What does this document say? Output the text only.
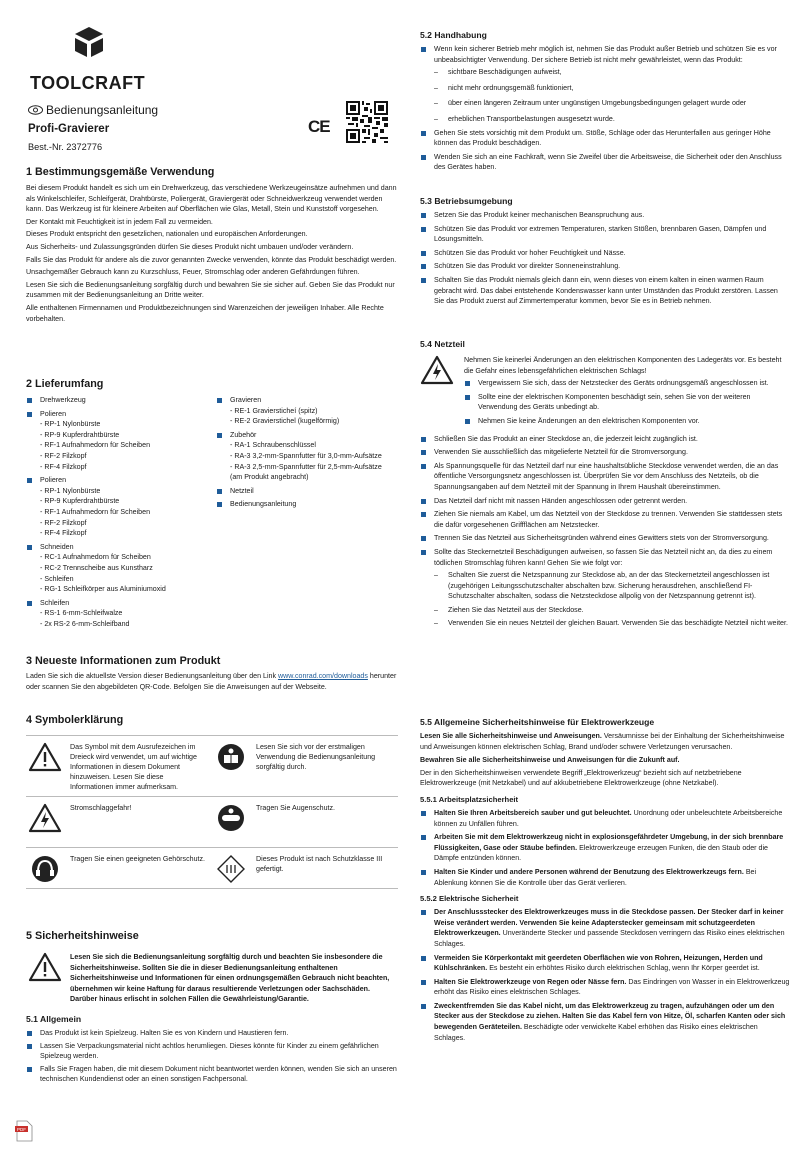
TOOLCRAFT
Bedienungsanleitung
Profi-Gravierer
Best.-Nr. 2372776
CE

1 Bestimmungsgemäße Verwendung

Bei diesem Produkt handelt es sich um ein Drehwerkzeug, das verschiedene Werkzeugeinsätze aufnehmen und dann als Winkelschleifer, Schleifgerät, Drahtbürste, Poliergerät, Graviergerät oder Schneidwerkzeug verwendet werden kann. Das Werkzeug ist für kleinere Arbeiten auf Oberflächen wie Glas, Metall, Stein und Kunststoff vorgesehen.

Der Kontakt mit Feuchtigkeit ist in jedem Fall zu vermeiden.

Dieses Produkt entspricht den gesetzlichen, nationalen und europäischen Anforderungen.

Aus Sicherheits- und Zulassungsgründen dürfen Sie dieses Produkt nicht umbauen und/oder verändern.

Falls Sie das Produkt für andere als die zuvor genannten Zwecke verwenden, könnte das Produkt beschädigt werden.

Unsachgemäßer Gebrauch kann zu Kurzschluss, Feuer, Stromschlag oder anderen Gefährdungen führen.

Lesen Sie sich die Bedienungsanleitung sorgfältig durch und bewahren Sie sie sicher auf. Geben Sie das Produkt nur zusammen mit der Bedienungsanleitung an Dritte weiter.

Alle enthaltenen Firmennamen und Produktbezeichnungen sind Warenzeichen der jeweiligen Inhaber. Alle Rechte vorbehalten.

2 Lieferumfang

Drehwerkzeug
Polieren
- RP-1 Nylonbürste
- RP-9 Kupferdrahtbürste
- RF-1 Aufnahmedorn für Scheiben
- RF-2 Filzkopf
- RF-4 Filzkopf
Polieren
- RP-1 Nylonbürste
- RP-9 Kupferdrahtbürste
- RF-1 Aufnahmedorn für Scheiben
- RF-2 Filzkopf
- RF-4 Filzkopf
Schneiden
- RC-1 Aufnahmedorn für Scheiben
- RC-2 Trennscheibe aus Kunstharz
- Schleifen
- RG-1 Schleifkörper aus Aluminiumoxid
Schleifen
- RS-1 6-mm-Schleifwalze
- 2x RS-2 6-mm-Schleifband
Gravieren
- RE-1 Graviersticheí (spitz)
- RE-2 Gravierstichel (kugelförmig)
Zubehör
- RA-1 Schraubenschlüssel
- RA-3 3,2-mm-Spannfutter für 3,0-mm-Aufsätze
- RA-3 2,5-mm-Spannfutter für 2,5-mm-Aufsätze
(am Produkt angebracht)
Netzteil
Bedienungsanleitung

3 Neueste Informationen zum Produkt

Laden Sie sich die aktuellste Version dieser Bedienungsanleitung über den Link www.conrad.com/downloads herunter oder scannen Sie den abgebildeten QR-Code. Befolgen Sie die Anweisungen auf der Webseite.

4 Symbolerklärung

Das Symbol mit dem Ausrufezeichen im Dreieck wird verwendet, um auf wichtige Informationen in diesem Dokument hinzuweisen. Lesen Sie diese Informationen immer aufmerksam.
Lesen Sie sich vor der erstmaligen Verwendung die Bedienungsanleitung sorgfältig durch.
Stromschlaggefahr!	Tragen Sie Augenschutz.
Tragen Sie einen geeigneten Gehörschutz.	Dieses Produkt ist nach Schutzklasse III gefertigt.

5 Sicherheitshinweise

Lesen Sie sich die Bedienungsanleitung sorgfältig durch und beachten Sie insbesondere die Sicherheitshinweise. Sollten Sie die in dieser Bedienungsanleitung enthaltenen Sicherheitshinweise und Informationen für einen ordnungsgemäßen Gebrauch nicht beachten, übernehmen wir keine Haftung für daraus resultierende Verletzungen oder Sachschäden. Darüber hinaus erlischt in solchen Fällen die Gewährleistung/Garantie.

5.1 Allgemein

Das Produkt ist kein Spielzeug. Halten Sie es von Kindern und Haustieren fern.
Lassen Sie Verpackungsmaterial nicht achtlos herumliegen. Dieses könnte für Kinder zu einem gefährlichen Spielzeug werden.
Falls Sie Fragen haben, die mit diesem Dokument nicht beantwortet werden können, wenden Sie sich an unseren technischen Kundendienst oder an einen sonstigen Fachpersonal.
PDF

5.2 Handhabung

Wenn kein sicherer Betrieb mehr möglich ist, nehmen Sie das Produkt außer Betrieb und schützen Sie es vor unbeabsichtigter Verwendung. Der sichere Betrieb ist nicht mehr gewährleistet, wenn das Produkt:
– sichtbare Beschädigungen aufweist,
– nicht mehr ordnungsgemäß funktioniert,
– über einen längeren Zeitraum unter ungünstigen Umgebungsbedingungen gelagert wurde oder
– erheblichen Transportbelastungen ausgesetzt wurde.
Gehen Sie stets vorsichtig mit dem Produkt um. Stöße, Schläge oder das Herunterfallen aus geringer Höhe können das Produkt beschädigen.
Wenden Sie sich an eine Fachkraft, wenn Sie Zweifel über die Arbeitsweise, die Sicherheit oder den Anschluss des Gerätes haben.

5.3 Betriebsumgebung

Setzen Sie das Produkt keiner mechanischen Beanspruchung aus.
Schützen Sie das Produkt vor extremen Temperaturen, starken Stößen, brennbaren Gasen, Dämpfen und Lösungsmitteln.
Schützen Sie das Produkt vor hoher Feuchtigkeit und Nässe.
Schützen Sie das Produkt vor direkter Sonneneinstrahlung.
Schalten Sie das Produkt niemals gleich dann ein, wenn dieses von einem kalten in einen warmen Raum gebracht wird. Das dabei entstehende Kondenswasser kann unter Umständen das Produkt zerstören. Lassen Sie das Produkt zuerst auf Zimmertemperatur kommen, bevor Sie es in Betrieb nehmen.

5.4 Netzteil

Nehmen Sie keinerlei Änderungen an den elektrischen Komponenten des Ladegeräts vor. Es besteht die Gefahr eines lebensgefährlichen elektrischen Schlags!

Vergewissern Sie sich, dass der Netzstecker des Geräts ordnungsgemäß angeschlossen ist.
Sollte eine der elektrischen Komponenten beschädigt sein, sehen Sie von der weiteren Verwendung des Geräts unbedingt ab.
Nehmen Sie keine Änderungen an den elektrischen Komponenten vor.
Schließen Sie das Produkt an einer Steckdose an, die jederzeit leicht zugänglich ist.
Verwenden Sie ausschließlich das mitgelieferte Netzteil für die Stromversorgung.
Als Spannungsquelle für das Netzteil darf nur eine haushaltsübliche Steckdose verwendet werden, die an das öffentliche Versorgungsnetz angeschlossen ist. Überprüfen Sie vor dem Anschluss des Netzteils, ob die Spannungsangaben auf dem Netzteil mit der Spannung in Ihrem Haushalt übereinstimmen.
Das Netzteil darf nicht mit nassen Händen angeschlossen oder getrennt werden.
Ziehen Sie niemals am Kabel, um das Netzteil von der Steckdose zu trennen. Verwenden Sie stattdessen stets die dafür vorgesehenen Griffflächen am Netzstecker.
Trennen Sie das Netzteil aus Sicherheitsgründen während eines Gewitters stets von der Stromversorgung.
Sollte das Steckernetzteil Beschädigungen aufweisen, so fassen Sie das Netzteil nicht an, da dies zu einem tödlichen Stromschlag führen kann! Gehen Sie wie folgt vor:
– Schalten Sie zuerst die Netzspannung zur Steckdose ab, an der das Steckernetzteil angeschlossen ist (zugehörigen Leitungsschutzschalter abschalten bzw. Sicherung herausdrehen, anschließend FI-Schutzschalter abschalten, sodass die Netzsteckdose allpolig von der Netzspannung getrennt ist).
– Ziehen Sie das Netzteil aus der Steckdose.
– Verwenden Sie ein neues Netzteil der gleichen Bauart. Verwenden Sie das beschädigte Netzteil nicht weiter.

5.5 Allgemeine Sicherheitshinweise für Elektrowerkzeuge

Lesen Sie alle Sicherheitshinweise und Anweisungen. Versäumnisse bei der Einhaltung der Sicherheitshinweise und Anweisungen können elektrischen Schlag, Brand und/oder schwere Verletzungen verursachen.

Bewahren Sie alle Sicherheitshinweise und Anweisungen für die Zukunft auf.

Der in den Sicherheitshinweisen verwendete Begriff „Elektrowerkzeug“ bezieht sich auf netzbetriebene Elektrowerkzeuge (mit Netzkabel) und auf akkubetriebene Elektrowerkzeuge (ohne Netzkabel).

5.5.1 Arbeitsplatzsicherheit

Halten Sie Ihren Arbeitsbereich sauber und gut beleuchtet. Unordnung oder unbeleuchtete Arbeitsbereiche können zu Unfällen führen.
Arbeiten Sie mit dem Elektrowerkzeug nicht in explosionsgefährdeter Umgebung, in der sich brennbare Flüssigkeiten, Gase oder Stäube befinden. Elektrowerkzeuge erzeugen Funken, die den Staub oder die Dämpfe entzünden können.
Halten Sie Kinder und andere Personen während der Benutzung des Elektrowerkzeugs fern. Bei Ablenkung können Sie die Kontrolle über das Gerät verlieren.

5.5.2 Elektrische Sicherheit

Der Anschlussstecker des Elektrowerkzeuges muss in die Steckdose passen. Der Stecker darf in keiner Weise verändert werden. Verwenden Sie keine Adapterstecker gemeinsam mit schutzgeerdeten Elektrowerkzeugen. Unveränderte Stecker und passende Steckdosen verringern das Risiko eines elektrischen Schlages.
Vermeiden Sie Körperkontakt mit geerdeten Oberflächen wie von Rohren, Heizungen, Herden und Kühlschränken. Es besteht ein erhöhtes Risiko durch elektrischen Schlag, wenn Ihr Körper geerdet ist.
Halten Sie Elektrowerkzeuge von Regen oder Nässe fern. Das Eindringen von Wasser in ein Elektrowerkzeug erhöht das Risiko eines elektrischen Schlages.
Zweckentfremden Sie das Kabel nicht, um das Elektrowerkzeug zu tragen, aufzuhängen oder um den Stecker aus der Steckdose zu ziehen. Halten Sie das Kabel fern von Hitze, Öl, scharfen Kanten oder sich bewegenden Geräteteilen. Beschädigte oder verwickelte Kabel erhöhen das Risiko eines elektrischen Schlages.
